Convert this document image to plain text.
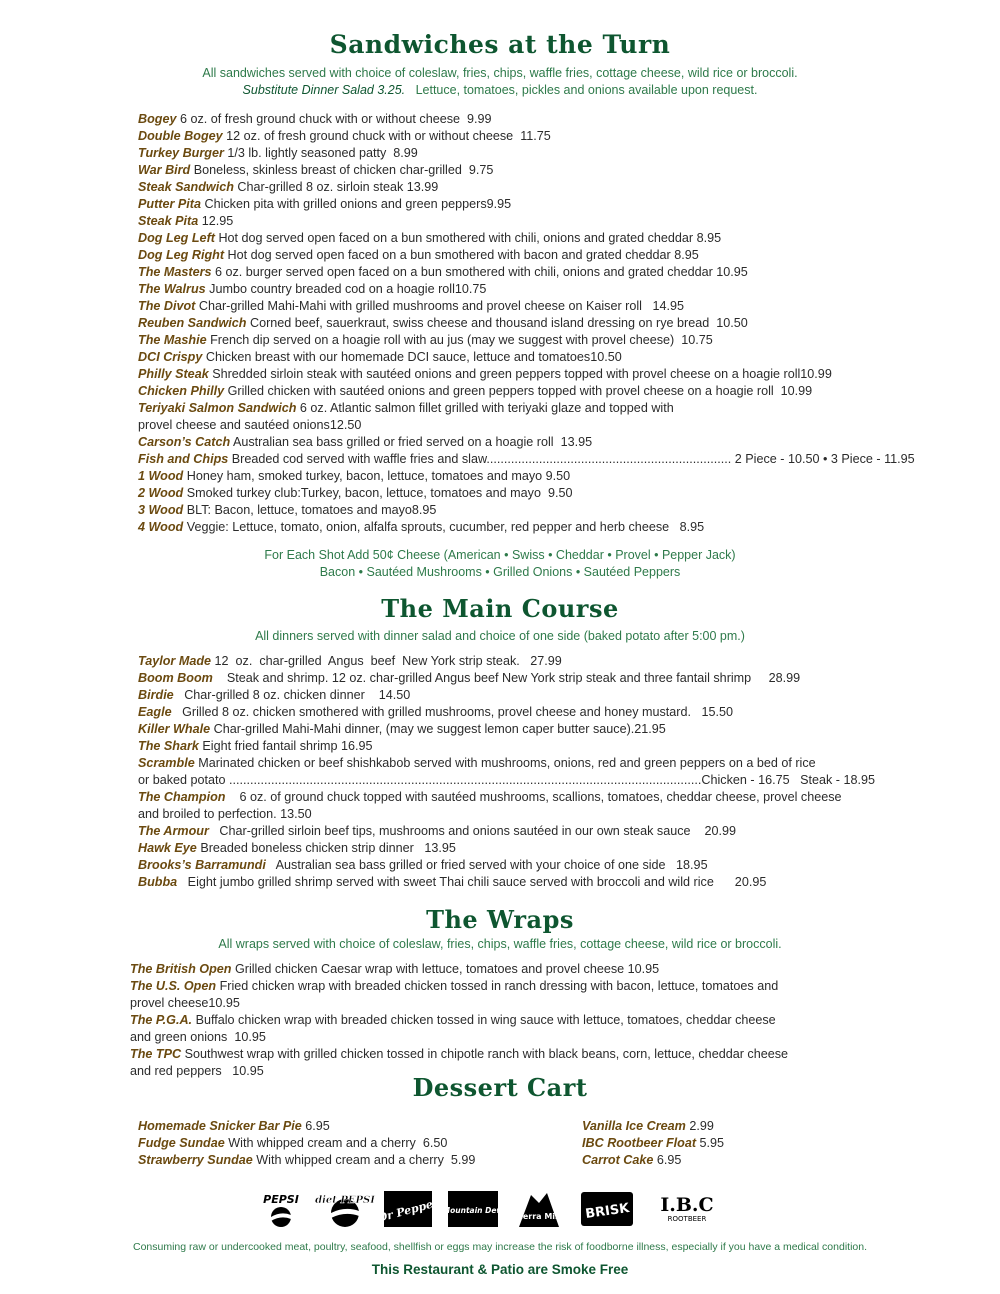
Sandwiches at the Turn
All sandwiches served with choice of coleslaw, fries, chips, waffle fries, cottage cheese, wild rice or broccoli.
Substitute Dinner Salad 3.25. Lettuce, tomatoes, pickles and onions available upon request.
Bogey 6 oz. of fresh ground chuck with or without cheese  9.99
Double Bogey 12 oz. of fresh ground chuck with or without cheese  11.75
Turkey Burger 1/3 lb. lightly seasoned patty  8.99
War Bird Boneless, skinless breast of chicken char-grilled  9.75
Steak Sandwich Char-grilled 8 oz. sirloin steak 13.99
Putter Pita Chicken pita with grilled onions and green peppers9.95
Steak Pita 12.95
Dog Leg Left Hot dog served open faced on a bun smothered with chili, onions and grated cheddar 8.95
Dog Leg Right Hot dog served open faced on a bun smothered with bacon and grated cheddar 8.95
The Masters 6 oz. burger served open faced on a bun smothered with chili, onions and grated cheddar 10.95
The Walrus Jumbo country breaded cod on a hoagie roll10.75
The Divot Char-grilled Mahi-Mahi with grilled mushrooms and provel cheese on Kaiser roll   14.95
Reuben Sandwich Corned beef, sauerkraut, swiss cheese and thousand island dressing on rye bread  10.50
The Mashie French dip served on a hoagie roll with au jus (may we suggest with provel cheese)  10.75
DCI Crispy Chicken breast with our homemade DCI sauce, lettuce and tomatoes10.50
Philly Steak Shredded sirloin steak with sautéed onions and green peppers topped with provel cheese on a hoagie roll10.99
Chicken Philly Grilled chicken with sautéed onions and green peppers topped with provel cheese on a hoagie roll  10.99
Teriyaki Salmon Sandwich 6 oz. Atlantic salmon fillet grilled with teriyaki glaze and topped with
provel cheese and sautéed onions12.50
Carson’s Catch Australian sea bass grilled or fried served on a hoagie roll  13.95
Fish and Chips Breaded cod served with waffle fries and slaw...................................................................... 2 Piece - 10.50 • 3 Piece - 11.95
1 Wood Honey ham, smoked turkey, bacon, lettuce, tomatoes and mayo 9.50
2 Wood Smoked turkey club:Turkey, bacon, lettuce, tomatoes and mayo  9.50
3 Wood BLT: Bacon, lettuce, tomatoes and mayo8.95
4 Wood Veggie: Lettuce, tomato, onion, alfalfa sprouts, cucumber, red pepper and herb cheese   8.95
For Each Shot Add 50¢ Cheese (American • Swiss • Cheddar • Provel • Pepper Jack)
Bacon • Sautéed Mushrooms • Grilled Onions • Sautéed Peppers
The Main Course
All dinners served with dinner salad and choice of one side (baked potato after 5:00 pm.)
Taylor Made 12  oz.  char-grilled  Angus  beef  New York strip steak.   27.99
Boom Boom    Steak and shrimp. 12 oz. char-grilled Angus beef New York strip steak and three fantail shrimp     28.99
Birdie   Char-grilled 8 oz. chicken dinner    14.50
Eagle   Grilled 8 oz. chicken smothered with grilled mushrooms, provel cheese and honey mustard.   15.50
Killer Whale Char-grilled Mahi-Mahi dinner, (may we suggest lemon caper butter sauce).21.95
The Shark Eight fried fantail shrimp 16.95
Scramble Marinated chicken or beef shishkabob served with mushrooms, onions, red and green peppers on a bed of rice
or baked potato .......................................................................................................................................Chicken - 16.75   Steak - 18.95
The Champion    6 oz. of ground chuck topped with sautéed mushrooms, scallions, tomatoes, cheddar cheese, provel cheese
and broiled to perfection. 13.50
The Armour   Char-grilled sirloin beef tips, mushrooms and onions sautéed in our own steak sauce    20.99
Hawk Eye Breaded boneless chicken strip dinner   13.95
Brooks’s Barramundi   Australian sea bass grilled or fried served with your choice of one side   18.95
Bubba   Eight jumbo grilled shrimp served with sweet Thai chili sauce served with broccoli and wild rice      20.95
The Wraps
All wraps served with choice of coleslaw, fries, chips, waffle fries, cottage cheese, wild rice or broccoli.
The British Open Grilled chicken Caesar wrap with lettuce, tomatoes and provel cheese 10.95
The U.S. Open Fried chicken wrap with breaded chicken tossed in ranch dressing with bacon, lettuce, tomatoes and
provel cheese10.95
The P.G.A. Buffalo chicken wrap with breaded chicken tossed in wing sauce with lettuce, tomatoes, cheddar cheese
and green onions  10.95
The TPC Southwest wrap with grilled chicken tossed in chipotle ranch with black beans, corn, lettuce, cheddar cheese
and red peppers   10.95
Dessert Cart
Homemade Snicker Bar Pie 6.95
Fudge Sundae With whipped cream and a cherry  6.50
Strawberry Sundae With whipped cream and a cherry  5.99
Vanilla Ice Cream 2.99
IBC Rootbeer Float 5.95
Carrot Cake 6.95
PEPSI diet PEPSI Dr Pepper Mountain Dew
Sierra Mist BRISK I.B.C
ROOTBEER
Consuming raw or undercooked meat, poultry, seafood, shellfish or eggs may increase the risk of foodborne illness, especially if you have a medical condition.
This Restaurant & Patio are Smoke Free
